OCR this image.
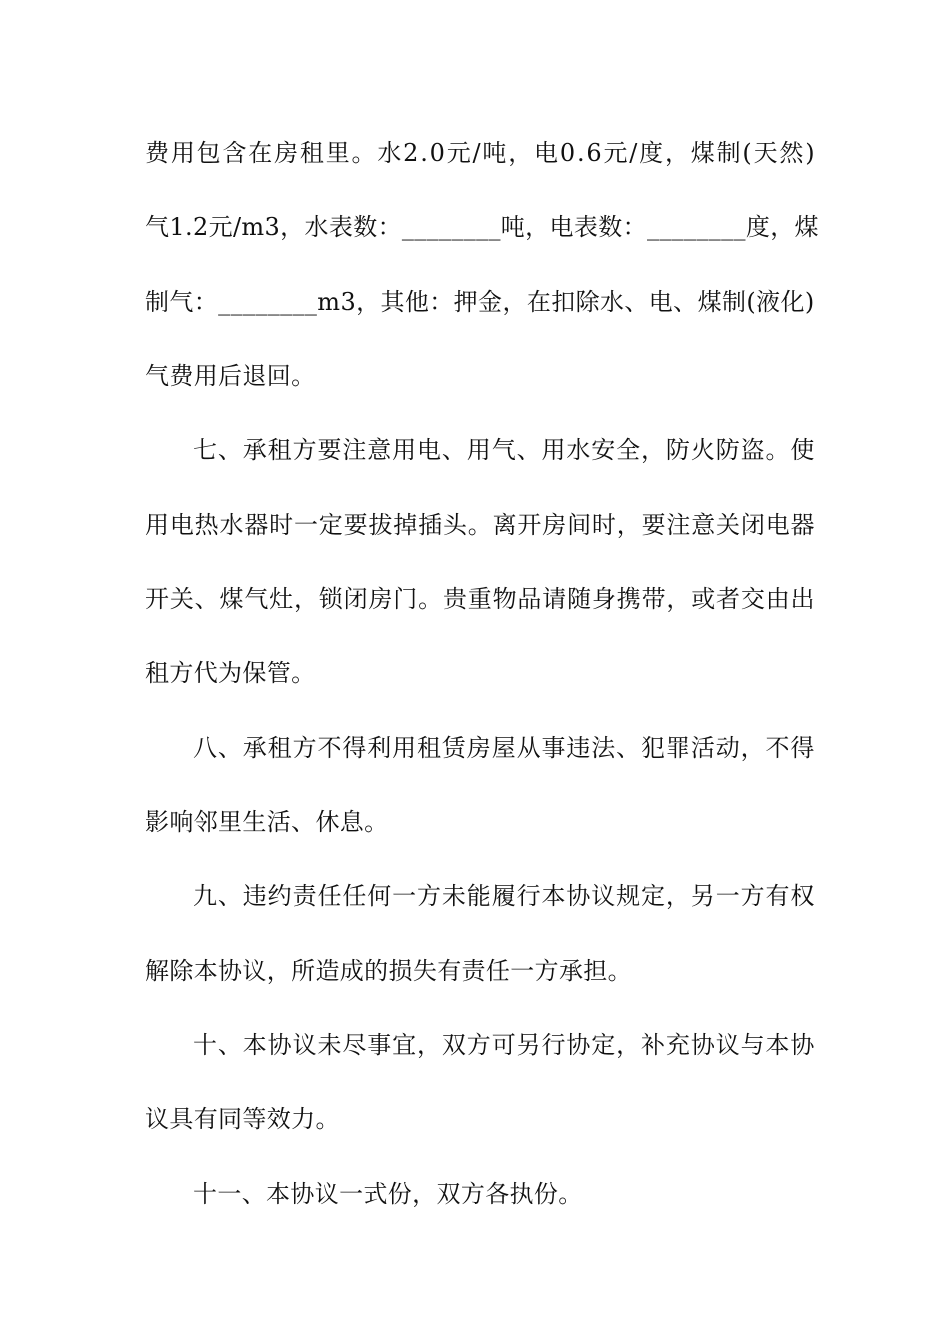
费 用 包 含 在 房 租 里 。 水 2 . 0 元 / 吨 ， 电 0 . 6 元 / 度 ， 煤 制 ( 天 然 )
气 1 . 2 元 / m 3 ， 水 表 数 ： _ _ _ _ _ _ _ _ 吨 ， 电 表 数 ： _ _ _ _ _ _ _ _ 度 ， 煤
制 气 ： _ _ _ _ _ _ _ _ m 3 ， 其 他 ： 押 金 ， 在 扣 除 水 、 电 、 煤 制 ( 液 化 )
气费用后退回。
七 、 承 租 方 要 注 意 用 电 、 用 气 、 用 水 安 全 ， 防 火 防 盗 。 使
用 电 热 水 器 时 一 定 要 拔 掉 插 头 。 离 开 房 间 时 ， 要 注 意 关 闭 电 器
开 关 、 煤 气 灶 ， 锁 闭 房 门 。 贵 重 物 品 请 随 身 携 带 ， 或 者 交 由 出
租方代为保管。
八 、 承 租 方 不 得 利 用 租 赁 房 屋 从 事 违 法 、 犯 罪 活 动 ， 不 得
影响邻里生活、休息。
九 、 违 约 责 任 任 何 一 方 未 能 履 行 本 协 议 规 定 ， 另 一 方 有 权
解除本协议，所造成的损失有责任一方承担。
十 、 本 协 议 未 尽 事 宜 ， 双 方 可 另 行 协 定 ， 补 充 协 议 与 本 协
议具有同等效力。
十一、本协议一式份，双方各执份。
